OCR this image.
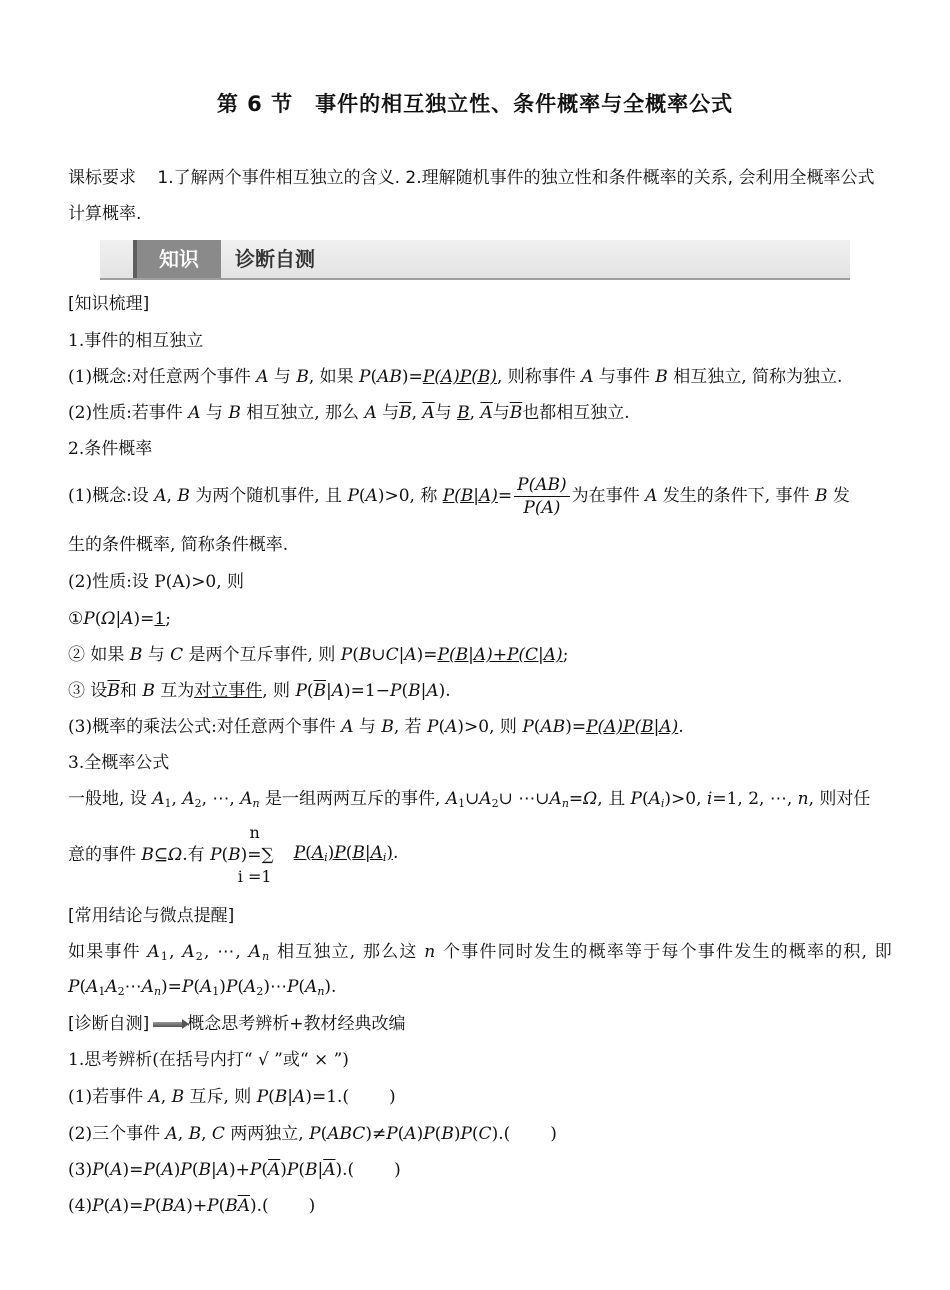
第 6 节　事件的相互独立性、条件概率与全概率公式
课标要求 1.了解两个事件相互独立的含义. 2.理解随机事件的独立性和条件概率的关系, 会利用全概率公式计算概率.
知识	诊断自测
[知识梳理]
1.事件的相互独立
(1)概念:对任意两个事件 A 与 B, 如果 P(AB)=P(A)P(B), 则称事件 A 与事件 B 相互独立, 简称为独立.
(2)性质:若事件 A 与 B 相互独立, 那么 A 与$\overline{B}$, $\overline{A}$与 B, $\overline{A}$与$\overline{B}$也都相互独立.
2.条件概率
(1)概念:设 A, B 为两个随机事件, 且 P(A)>0, 称 $P(B|A)= \frac{P(AB)}{P(A)}$ 为在事件 A 发生的条件下, 事件 B 发
生的条件概率, 简称条件概率.
(2)性质:设 P(A)>0, 则
①P(Ω|A)=1;
② 如果 B 与 C 是两个互斥事件, 则 P(B∪C|A)=P(B|A)+P(C|A);
③ 设$\overline{B}$和 B 互为对立事件, 则 $P(\overline{B}|A)=1-P(B|A)$.
(3)概率的乘法公式:对任意两个事件 A 与 B, 若 P(A)>0, 则 P(AB)=P(A)P(B|A).
3.全概率公式
一般地, 设 $A_1$, $A_2$, ⋯, $A_n$ 是一组两两互斥的事件, $A_1\cup A_2\cup$ $\cdots\cup A_n=\Omega$, 且 $P(A_i)>0$, i=1, 2, ⋯, n, 则对任
意的事件 B⊆Ω.有 P(B)=∑
n

i =1
$P(A_i)P(B|A_i)$.
[常用结论与微点提醒]
如果事件 $A_1$, $A_2$, ⋯, $A_n$ 相互独立, 那么这 n 个事件同时发生的概率等于每个事件发生的概率的积, 即
$P(A_1A_2\cdots A_n)=P(A_1)P(A_2)\cdots P(A_n)$.
[诊断自测] 概念思考辨析+教材经典改编
1.思考辨析(在括号内打“ √ ”或“ × ”)
(1)若事件 A, B 互斥, 则 P(B|A)=1.( )
(2)三个事件 A, B, C 两两独立, P(ABC)≠P(A)P(B)P(C).( )
$(3)P(A)=P(A)P(B|A)+P(\overline{A})P(B|\overline{A})$.( )
$(4)P(A)=P(BA)+P(B\overline{A})$.( )
